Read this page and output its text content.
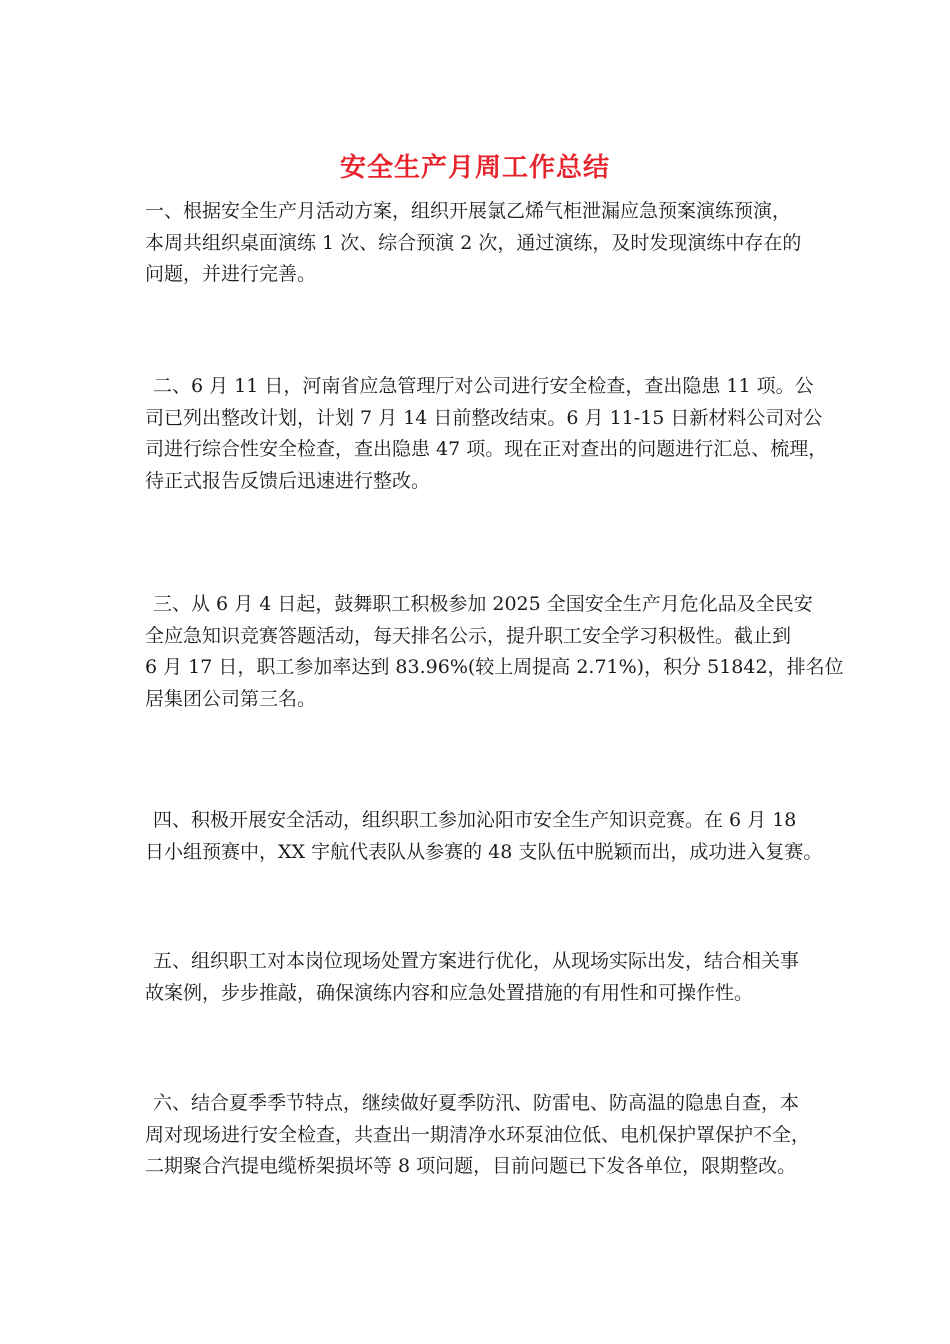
安全生产月周工作总结
一、根据安全生产月活动方案，组织开展氯乙烯气柜泄漏应急预案演练预演，
本周共组织桌面演练 1 次、综合预演 2 次，通过演练，及时发现演练中存在的
问题，并进行完善。
二、6 月 11 日，河南省应急管理厅对公司进行安全检查，查出隐患 11 项。公
司已列出整改计划，计划 7 月 14 日前整改结束。6 月 11-15 日新材料公司对公
司进行综合性安全检查，查出隐患 47 项。现在正对查出的问题进行汇总、梳理，
待正式报告反馈后迅速进行整改。
三、从 6 月 4 日起，鼓舞职工积极参加 2025 全国安全生产月危化品及全民安
全应急知识竞赛答题活动，每天排名公示，提升职工安全学习积极性。截止到
6 月 17 日，职工参加率达到 83.96%(较上周提高 2.71%)，积分 51842，排名位
居集团公司第三名。
四、积极开展安全活动，组织职工参加沁阳市安全生产知识竞赛。在 6 月 18
日小组预赛中，XX 宇航代表队从参赛的 48 支队伍中脱颖而出，成功进入复赛。
五、组织职工对本岗位现场处置方案进行优化，从现场实际出发，结合相关事
故案例，步步推敲，确保演练内容和应急处置措施的有用性和可操作性。
六、结合夏季季节特点，继续做好夏季防汛、防雷电、防高温的隐患自查，本
周对现场进行安全检查，共查出一期清净水环泵油位低、电机保护罩保护不全，
二期聚合汽提电缆桥架损坏等 8 项问题，目前问题已下发各单位，限期整改。
